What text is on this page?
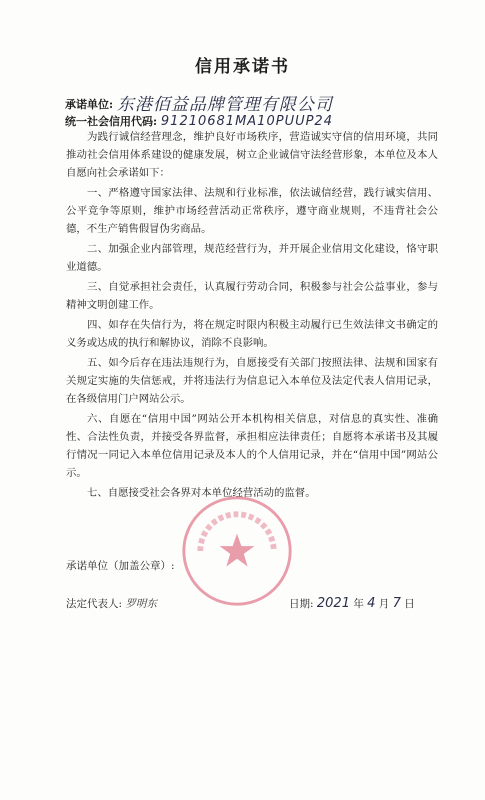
信用承诺书
承诺单位: 东港佰益品牌管理有限公司
统一社会信用代码: 91210681MA10PUUP24

为践行诚信经营理念，维护良好市场秩序，营造诚实守信的信用环境，共同推动社会信用体系建设的健康发展，树立企业诚信守法经营形象，本单位及本人自愿向社会承诺如下：

一、严格遵守国家法律、法规和行业标准，依法诚信经营，践行诚实信用、公平竞争等原则，维护市场经营活动正常秩序，遵守商业规则，不违背社会公德，不生产销售假冒伪劣商品。

二、加强企业内部管理，规范经营行为，并开展企业信用文化建设，恪守职业道德。

三、自觉承担社会责任，认真履行劳动合同，积极参与社会公益事业，参与精神文明创建工作。

四、如存在失信行为，将在规定时限内积极主动履行已生效法律文书确定的义务或达成的执行和解协议，消除不良影响。

五、如今后存在违法违规行为，自愿接受有关部门按照法律、法规和国家有关规定实施的失信惩戒，并将违法行为信息记入本单位及法定代表人信用记录，在各级信用门户网站公示。

六、自愿在“信用中国”网站公开本机构相关信息，对信息的真实性、准确性、合法性负责，并接受各界监督，承担相应法律责任；自愿将本承诺书及其履行情况一同记入本单位信用记录及本人的个人信用记录，并在“信用中国”网站公示。

七、自愿接受社会各界对本单位经营活动的监督。

承诺单位（加盖公章）:
法定代表人: 罗明东	日期: 2021 年 4 月 7 日
